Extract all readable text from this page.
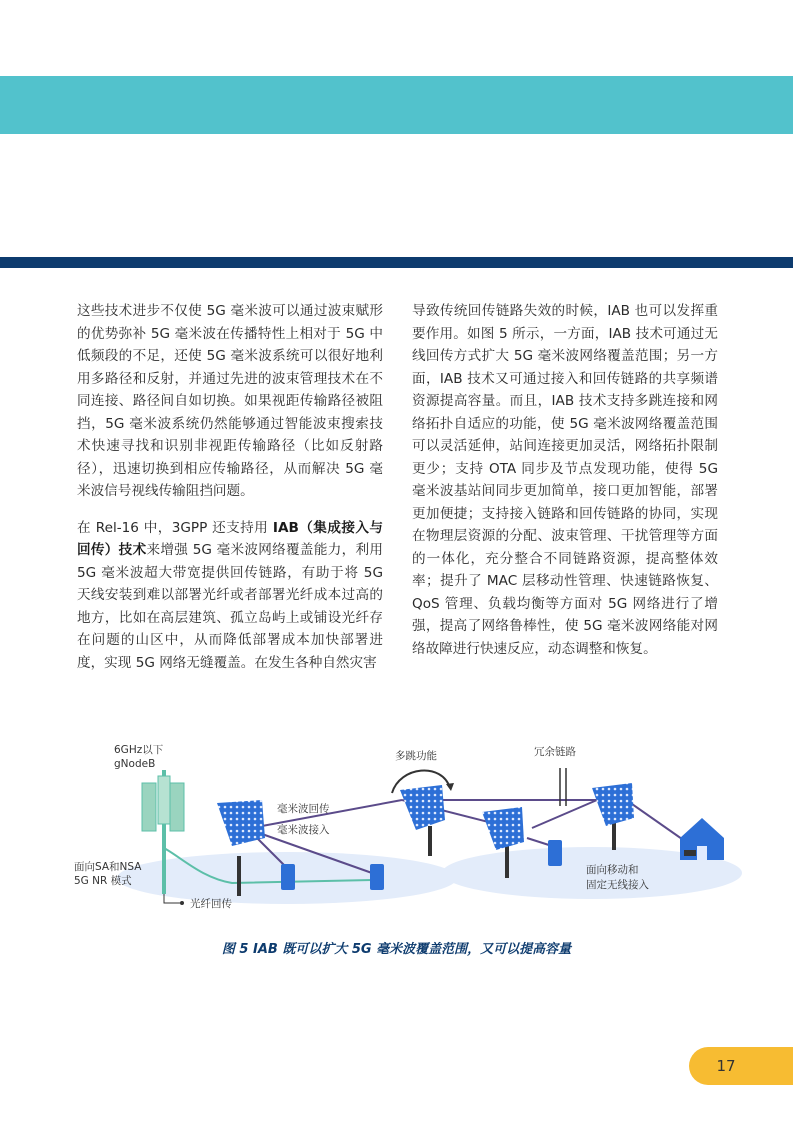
这些技术进步不仅使 5G 毫米波可以通过波束赋形的优势弥补 5G 毫米波在传播特性上相对于 5G 中低频段的不足，还使 5G 毫米波系统可以很好地利用多路径和反射，并通过先进的波束管理技术在不同连接、路径间自如切换。如果视距传输路径被阻挡，5G 毫米波系统仍然能够通过智能波束搜索技术快速寻找和识别非视距传输路径（比如反射路径），迅速切换到相应传输路径，从而解决 5G 毫米波信号视线传输阻挡问题。

在 Rel-16 中，3GPP 还支持用 IAB（集成接入与回传）技术来增强 5G 毫米波网络覆盖能力，利用 5G 毫米波超大带宽提供回传链路，有助于将 5G 天线安装到难以部署光纤或者部署光纤成本过高的地方，比如在高层建筑、孤立岛屿上或铺设光纤存在问题的山区中，从而降低部署成本加快部署进度，实现 5G 网络无缝覆盖。在发生各种自然灾害

导致传统回传链路失效的时候，IAB 也可以发挥重要作用。如图 5 所示，一方面，IAB 技术可通过无线回传方式扩大 5G 毫米波网络覆盖范围；另一方面，IAB 技术又可通过接入和回传链路的共享频谱资源提高容量。而且，IAB 技术支持多跳连接和网络拓扑自适应的功能，使 5G 毫米波网络覆盖范围可以灵活延伸，站间连接更加灵活，网络拓扑限制更少；支持 OTA 同步及节点发现功能，使得 5G 毫米波基站间同步更加简单，接口更加智能，部署更加便捷；支持接入链路和回传链路的协同，实现在物理层资源的分配、波束管理、干扰管理等方面的一体化，充分整合不同链路资源，提高整体效率；提升了 MAC 层移动性管理、快速链路恢复、QoS 管理、负载均衡等方面对 5G 网络进行了增强，提高了网络鲁棒性，使 5G 毫米波网络能对网络故障进行快速反应，动态调整和恢复。

6GHz以下
gNodeB
面向SA和NSA
5G NR 模式
光纤回传
毫米波回传
毫米波接入
多跳功能	冗余链路
面向移动和
固定无线接入
图 5 IAB 既可以扩大 5G 毫米波覆盖范围，又可以提高容量
17
